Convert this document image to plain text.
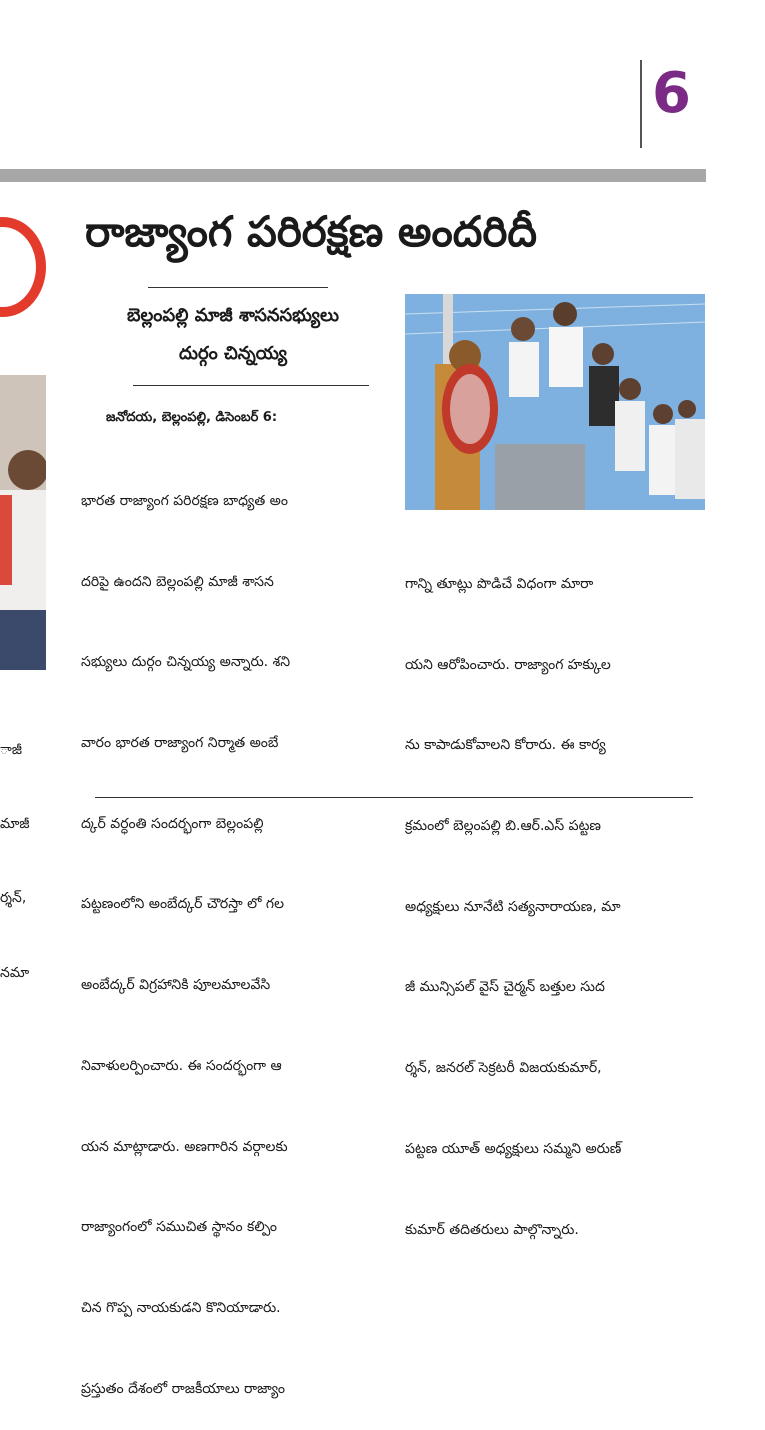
6
రాజ్యాంగ పరిరక్షణ అందరిదీ
బెల్లంపల్లి మాజీ శాసనసభ్యులు
దుర్గం చిన్నయ్య
జనోదయ, బెల్లంపల్లి, డిసెంబర్ 6:

భారత రాజ్యాంగ పరిరక్షణ బాధ్యత అం

దరిపై ఉందని బెల్లంపల్లి మాజీ శాసన

సభ్యులు దుర్గం చిన్నయ్య అన్నారు. శని

వారం భారత రాజ్యాంగ నిర్మాత అంబే

ద్కర్ వర్ధంతి సందర్భంగా బెల్లంపల్లి

పట్టణంలోని అంబేద్కర్ చౌరస్తా లో గల

అంబేద్కర్ విగ్రహానికి పూలమాలవేసి

నివాళులర్పించారు. ఈ సందర్భంగా ఆ

యన మాట్లాడారు. అణగారిన వర్గాలకు

రాజ్యాంగంలో సముచిత స్థానం కల్పిం

చిన గొప్ప నాయకుడని కొనియాడారు.

ప్రస్తుతం దేశంలో రాజకీయాలు రాజ్యాం

గాన్ని తూట్లు పొడిచే విధంగా మారా

యని ఆరోపించారు. రాజ్యాంగ హక్కుల

ను కాపాడుకోవాలని కోరారు. ఈ కార్య

క్రమంలో బెల్లంపల్లి బి.ఆర్.ఎస్ పట్టణ

అధ్యక్షులు నూనేటి సత్యనారాయణ, మా

జీ మున్సిపల్ వైస్ చైర్మన్ బత్తుల సుద

ర్శన్, జనరల్ సెక్రటరీ విజయకుమార్,

పట్టణ యూత్ అధ్యక్షులు సమ్మని అరుణ్

కుమార్ తదితరులు పాల్గొన్నారు.

ాజీ

మాజీ

ర్శన్,

నమా
